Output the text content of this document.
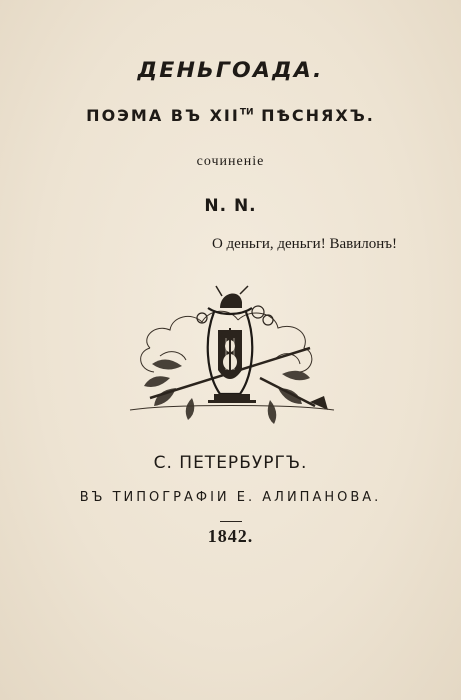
ДЕНЬГОАДА.
ПОЭМА ВЪ $XII^{ТИ}$ ПѢСНЯХЪ.
сочиненіе
N. N.
О деньги, деньги! Вавилонъ!
С. ПЕТЕРБУРГЪ.
ВЪ ТИПОГРАФІИ Е. АЛИПАНОВА.
1842.
